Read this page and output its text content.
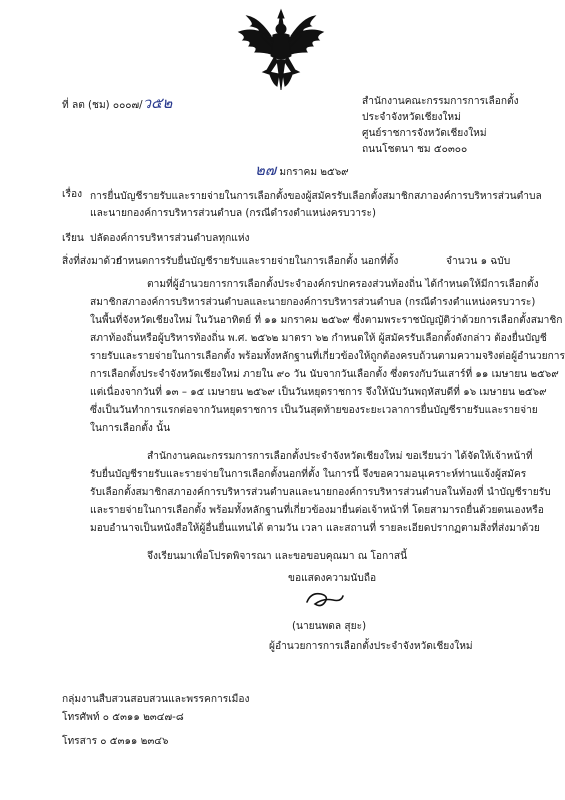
ที่ ลต (ชม) ๐๐๐๗/ว๕๒	สำนักงานคณะกรรมการการเลือกตั้ง
ประจำจังหวัดเชียงใหม่
ศูนย์ราชการจังหวัดเชียงใหม่
ถนนโชตนา ชม ๕๐๓๐๐
๒๗ มกราคม ๒๕๖๙
เรื่อง การยื่นบัญชีรายรับและรายจ่ายในการเลือกตั้งของผู้สมัครรับเลือกตั้งสมาชิกสภาองค์การบริหารส่วนตำบล
และนายกองค์การบริหารส่วนตำบล (กรณีดำรงตำแหน่งครบวาระ)
เรียน ปลัดองค์การบริหารส่วนตำบลทุกแห่ง
สิ่งที่ส่งมาด้วย
กำหนดการรับยื่นบัญชีรายรับและรายจ่ายในการเลือกตั้ง นอกที่ตั้ง	จำนวน ๑ ฉบับ
ตามที่ผู้อำนวยการการเลือกตั้งประจำองค์กรปกครองส่วนท้องถิ่น ได้กำหนดให้มีการเลือกตั้ง
สมาชิกสภาองค์การบริหารส่วนตำบลและนายกองค์การบริหารส่วนตำบล (กรณีดำรงตำแหน่งครบวาระ)
ในพื้นที่จังหวัดเชียงใหม่ ในวันอาทิตย์ ที่ ๑๑ มกราคม ๒๕๖๙ ซึ่งตามพระราชบัญญัติว่าด้วยการเลือกตั้งสมาชิก
สภาท้องถิ่นหรือผู้บริหารท้องถิ่น พ.ศ. ๒๕๖๒ มาตรา ๖๒ กำหนดให้ ผู้สมัครรับเลือกตั้งดังกล่าว ต้องยื่นบัญชี
รายรับและรายจ่ายในการเลือกตั้ง พร้อมทั้งหลักฐานที่เกี่ยวข้องให้ถูกต้องครบถ้วนตามความจริงต่อผู้อำนวยการ
การเลือกตั้งประจำจังหวัดเชียงใหม่ ภายใน ๙๐ วัน นับจากวันเลือกตั้ง ซึ่งตรงกับวันเสาร์ที่ ๑๑ เมษายน ๒๕๖๙
แต่เนื่องจากวันที่ ๑๓ – ๑๕ เมษายน ๒๕๖๙ เป็นวันหยุดราชการ จึงให้นับวันพฤหัสบดีที่ ๑๖ เมษายน ๒๕๖๙
ซึ่งเป็นวันทำการแรกต่อจากวันหยุดราชการ เป็นวันสุดท้ายของระยะเวลาการยื่นบัญชีรายรับและรายจ่าย
ในการเลือกตั้ง นั้น
สำนักงานคณะกรรมการการเลือกตั้งประจำจังหวัดเชียงใหม่ ขอเรียนว่า ได้จัดให้เจ้าหน้าที่
รับยื่นบัญชีรายรับและรายจ่ายในการเลือกตั้งนอกที่ตั้ง ในการนี้ จึงขอความอนุเคราะห์ท่านแจ้งผู้สมัคร
รับเลือกตั้งสมาชิกสภาองค์การบริหารส่วนตำบลและนายกองค์การบริหารส่วนตำบลในท้องที่ นำบัญชีรายรับ
และรายจ่ายในการเลือกตั้ง พร้อมทั้งหลักฐานที่เกี่ยวข้องมายื่นต่อเจ้าหน้าที่ โดยสามารถยื่นด้วยตนเองหรือ
มอบอำนาจเป็นหนังสือให้ผู้อื่นยื่นแทนได้ ตามวัน เวลา และสถานที่ รายละเอียดปรากฏตามสิ่งที่ส่งมาด้วย
จึงเรียนมาเพื่อโปรดพิจารณา และขอขอบคุณมา ณ โอกาสนี้
ขอแสดงความนับถือ
(นายนพดล สุยะ)
ผู้อำนวยการการเลือกตั้งประจำจังหวัดเชียงใหม่
กลุ่มงานสืบสวนสอบสวนและพรรคการเมือง
โทรศัพท์ ๐ ๕๓๑๑ ๒๓๔๗-๘
โทรสาร ๐ ๕๓๑๑ ๒๓๔๖
